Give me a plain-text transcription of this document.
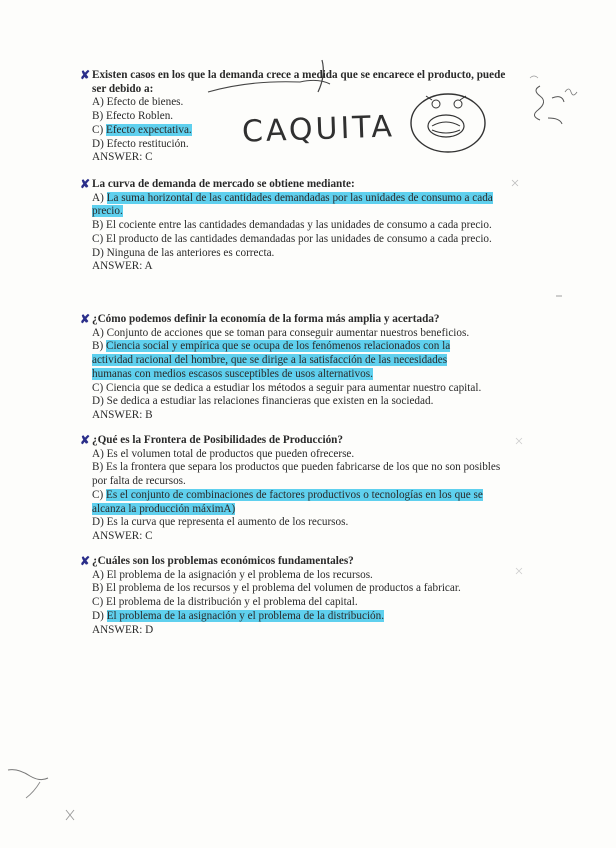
✘ Existen casos en los que la demanda crece a medida que se encarece el producto, puede ser debido a:
A) Efecto de bienes.
B) Efecto Roblen.
C) Efecto expectativa.
D) Efecto restitución.
ANSWER: C
✘ La curva de demanda de mercado se obtiene mediante:
A) La suma horizontal de las cantidades demandadas por las unidades de consumo a cada precio.
B) El cociente entre las cantidades demandadas y las unidades de consumo a cada precio.
C) El producto de las cantidades demandadas por las unidades de consumo a cada precio.
D) Ninguna de las anteriores es correcta.
ANSWER: A
✘ ¿Cómo podemos definir la economía de la forma más amplia y acertada?
A) Conjunto de acciones que se toman para conseguir aumentar nuestros beneficios.
B) Ciencia social y empírica que se ocupa de los fenómenos relacionados con la actividad racional del hombre, que se dirige a la satisfacción de las necesidades humanas con medios escasos susceptibles de usos alternativos.
C) Ciencia que se dedica a estudiar los métodos a seguir para aumentar nuestro capital.
D) Se dedica a estudiar las relaciones financieras que existen en la sociedad.
ANSWER: B
✘ ¿Qué es la Frontera de Posibilidades de Producción?
A) Es el volumen total de productos que pueden ofrecerse.
B) Es la frontera que separa los productos que pueden fabricarse de los que no son posibles por falta de recursos.
C) Es el conjunto de combinaciones de factores productivos o tecnologías en los que se alcanza la producción máximA)
D) Es la curva que representa el aumento de los recursos.
ANSWER: C
✘ ¿Cuáles son los problemas económicos fundamentales?
A) El problema de la asignación y el problema de los recursos.
B) El problema de los recursos y el problema del volumen de productos a fabricar.
C) El problema de la distribución y el problema del capital.
D) El problema de la asignación y el problema de la distribución.
ANSWER: D
CAQUITA
